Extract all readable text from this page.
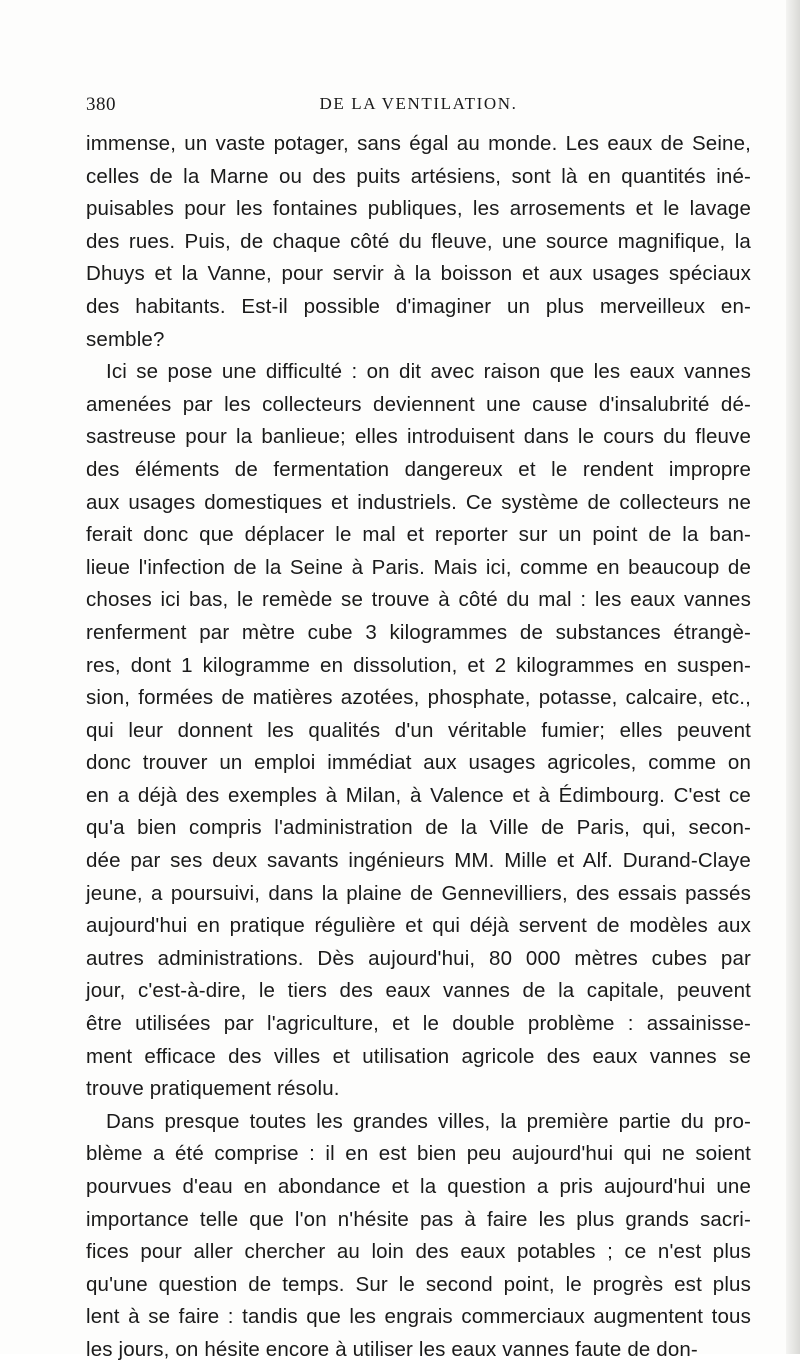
380	DE LA VENTILATION.
immense, un vaste potager, sans égal au monde. Les eaux de Seine,
celles de la Marne ou des puits artésiens, sont là en quantités iné-
puisables pour les fontaines publiques, les arrosements et le lavage
des rues. Puis, de chaque côté du fleuve, une source magnifique, la
Dhuys et la Vanne, pour servir à la boisson et aux usages spéciaux
des habitants. Est-il possible d'imaginer un plus merveilleux en-
semble?
Ici se pose une difficulté : on dit avec raison que les eaux vannes
amenées par les collecteurs deviennent une cause d'insalubrité dé-
sastreuse pour la banlieue; elles introduisent dans le cours du fleuve
des éléments de fermentation dangereux et le rendent impropre
aux usages domestiques et industriels. Ce système de collecteurs ne
ferait donc que déplacer le mal et reporter sur un point de la ban-
lieue l'infection de la Seine à Paris. Mais ici, comme en beaucoup de
choses ici bas, le remède se trouve à côté du mal : les eaux vannes
renferment par mètre cube 3 kilogrammes de substances étrangè-
res, dont 1 kilogramme en dissolution, et 2 kilogrammes en suspen-
sion, formées de matières azotées, phosphate, potasse, calcaire, etc.,
qui leur donnent les qualités d'un véritable fumier; elles peuvent
donc trouver un emploi immédiat aux usages agricoles, comme on
en a déjà des exemples à Milan, à Valence et à Édimbourg. C'est ce
qu'a bien compris l'administration de la Ville de Paris, qui, secon-
dée par ses deux savants ingénieurs MM. Mille et Alf. Durand-Claye
jeune, a poursuivi, dans la plaine de Gennevilliers, des essais passés
aujourd'hui en pratique régulière et qui déjà servent de modèles aux
autres administrations. Dès aujourd'hui, 80 000 mètres cubes par
jour, c'est-à-dire, le tiers des eaux vannes de la capitale, peuvent
être utilisées par l'agriculture, et le double problème : assainisse-
ment efficace des villes et utilisation agricole des eaux vannes se
trouve pratiquement résolu.
Dans presque toutes les grandes villes, la première partie du pro-
blème a été comprise : il en est bien peu aujourd'hui qui ne soient
pourvues d'eau en abondance et la question a pris aujourd'hui une
importance telle que l'on n'hésite pas à faire les plus grands sacri-
fices pour aller chercher au loin des eaux potables ; ce n'est plus
qu'une question de temps. Sur le second point, le progrès est plus
lent à se faire : tandis que les engrais commerciaux augmentent tous
les jours, on hésite encore à utiliser les eaux vannes faute de don-
